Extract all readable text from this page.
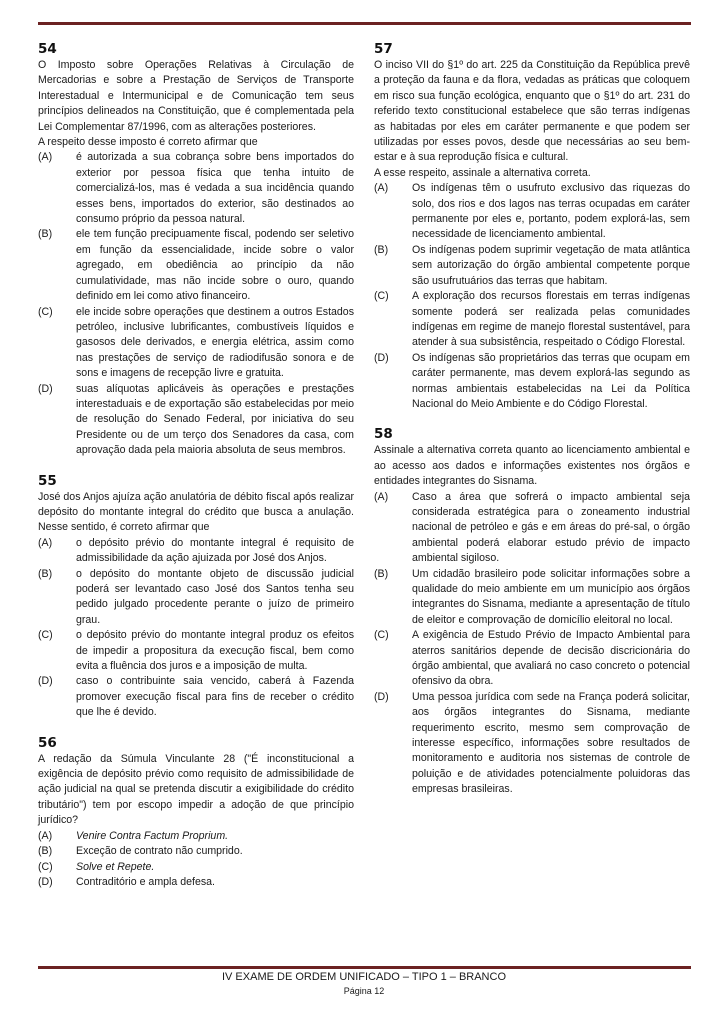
54

O Imposto sobre Operações Relativas à Circulação de Mercadorias e sobre a Prestação de Serviços de Transporte Interestadual e Intermunicipal e de Comunicação tem seus princípios delineados na Constituição, que é complementada pela Lei Complementar 87/1996, com as alterações posteriores.

A respeito desse imposto é correto afirmar que

(A)	é autorizada a sua cobrança sobre bens importados do exterior por pessoa física que tenha intuito de comercializá-los, mas é vedada a sua incidência quando esses bens, importados do exterior, são destinados ao consumo próprio da pessoa natural.
(B)	ele tem função precipuamente fiscal, podendo ser seletivo em função da essencialidade, incide sobre o valor agregado, em obediência ao princípio da não cumulatividade, mas não incide sobre o ouro, quando definido em lei como ativo financeiro.
(C)	ele incide sobre operações que destinem a outros Estados petróleo, inclusive lubrificantes, combustíveis líquidos e gasosos dele derivados, e energia elétrica, assim como nas prestações de serviço de radiodifusão sonora e de sons e imagens de recepção livre e gratuita.
(D)	suas alíquotas aplicáveis às operações e prestações interestaduais e de exportação são estabelecidas por meio de resolução do Senado Federal, por iniciativa do seu Presidente ou de um terço dos Senadores da casa, com aprovação dada pela maioria absoluta de seus membros.
55

José dos Anjos ajuíza ação anulatória de débito fiscal após realizar depósito do montante integral do crédito que busca a anulação. Nesse sentido, é correto afirmar que

(A)	o depósito prévio do montante integral é requisito de admissibilidade da ação ajuizada por José dos Anjos.
(B)	o depósito do montante objeto de discussão judicial poderá ser levantado caso José dos Santos tenha seu pedido julgado procedente perante o juízo de primeiro grau.
(C)	o depósito prévio do montante integral produz os efeitos de impedir a propositura da execução fiscal, bem como evita a fluência dos juros e a imposição de multa.
(D)	caso o contribuinte saia vencido, caberá à Fazenda promover execução fiscal para fins de receber o crédito que lhe é devido.
56

A redação da Súmula Vinculante 28 ("É inconstitucional a exigência de depósito prévio como requisito de admissibilidade de ação judicial na qual se pretenda discutir a exigibilidade do crédito tributário") tem por escopo impedir a adoção de que princípio jurídico?

(A)	Venire Contra Factum Proprium.
(B)	Exceção de contrato não cumprido.
(C)	Solve et Repete.
(D)	Contraditório e ampla defesa.
57

O inciso VII do §1º do art. 225 da Constituição da República prevê a proteção da fauna e da flora, vedadas as práticas que coloquem em risco sua função ecológica, enquanto que o §1º do art. 231 do referido texto constitucional estabelece que são terras indígenas as habitadas por eles em caráter permanente e que podem ser utilizadas por esses povos, desde que necessárias ao seu bem-estar e à sua reprodução física e cultural.

A esse respeito, assinale a alternativa correta.

(A)	Os indígenas têm o usufruto exclusivo das riquezas do solo, dos rios e dos lagos nas terras ocupadas em caráter permanente por eles e, portanto, podem explorá-las, sem necessidade de licenciamento ambiental.
(B)	Os indígenas podem suprimir vegetação de mata atlântica sem autorização do órgão ambiental competente porque são usufrutuários das terras que habitam.
(C)	A exploração dos recursos florestais em terras indígenas somente poderá ser realizada pelas comunidades indígenas em regime de manejo florestal sustentável, para atender à sua subsistência, respeitado o Código Florestal.
(D)	Os indígenas são proprietários das terras que ocupam em caráter permanente, mas devem explorá-las segundo as normas ambientais estabelecidas na Lei da Política Nacional do Meio Ambiente e do Código Florestal.
58

Assinale a alternativa correta quanto ao licenciamento ambiental e ao acesso aos dados e informações existentes nos órgãos e entidades integrantes do Sisnama.

(A)	Caso a área que sofrerá o impacto ambiental seja considerada estratégica para o zoneamento industrial nacional de petróleo e gás e em áreas do pré-sal, o órgão ambiental poderá elaborar estudo prévio de impacto ambiental sigiloso.
(B)	Um cidadão brasileiro pode solicitar informações sobre a qualidade do meio ambiente em um município aos órgãos integrantes do Sisnama, mediante a apresentação de título de eleitor e comprovação de domicílio eleitoral no local.
(C)	A exigência de Estudo Prévio de Impacto Ambiental para aterros sanitários depende de decisão discricionária do órgão ambiental, que avaliará no caso concreto o potencial ofensivo da obra.
(D)	Uma pessoa jurídica com sede na França poderá solicitar, aos órgãos integrantes do Sisnama, mediante requerimento escrito, mesmo sem comprovação de interesse específico, informações sobre resultados de monitoramento e auditoria nos sistemas de controle de poluição e de atividades potencialmente poluidoras das empresas brasileiras.
IV EXAME DE ORDEM UNIFICADO – TIPO 1 – BRANCO
Página 12
